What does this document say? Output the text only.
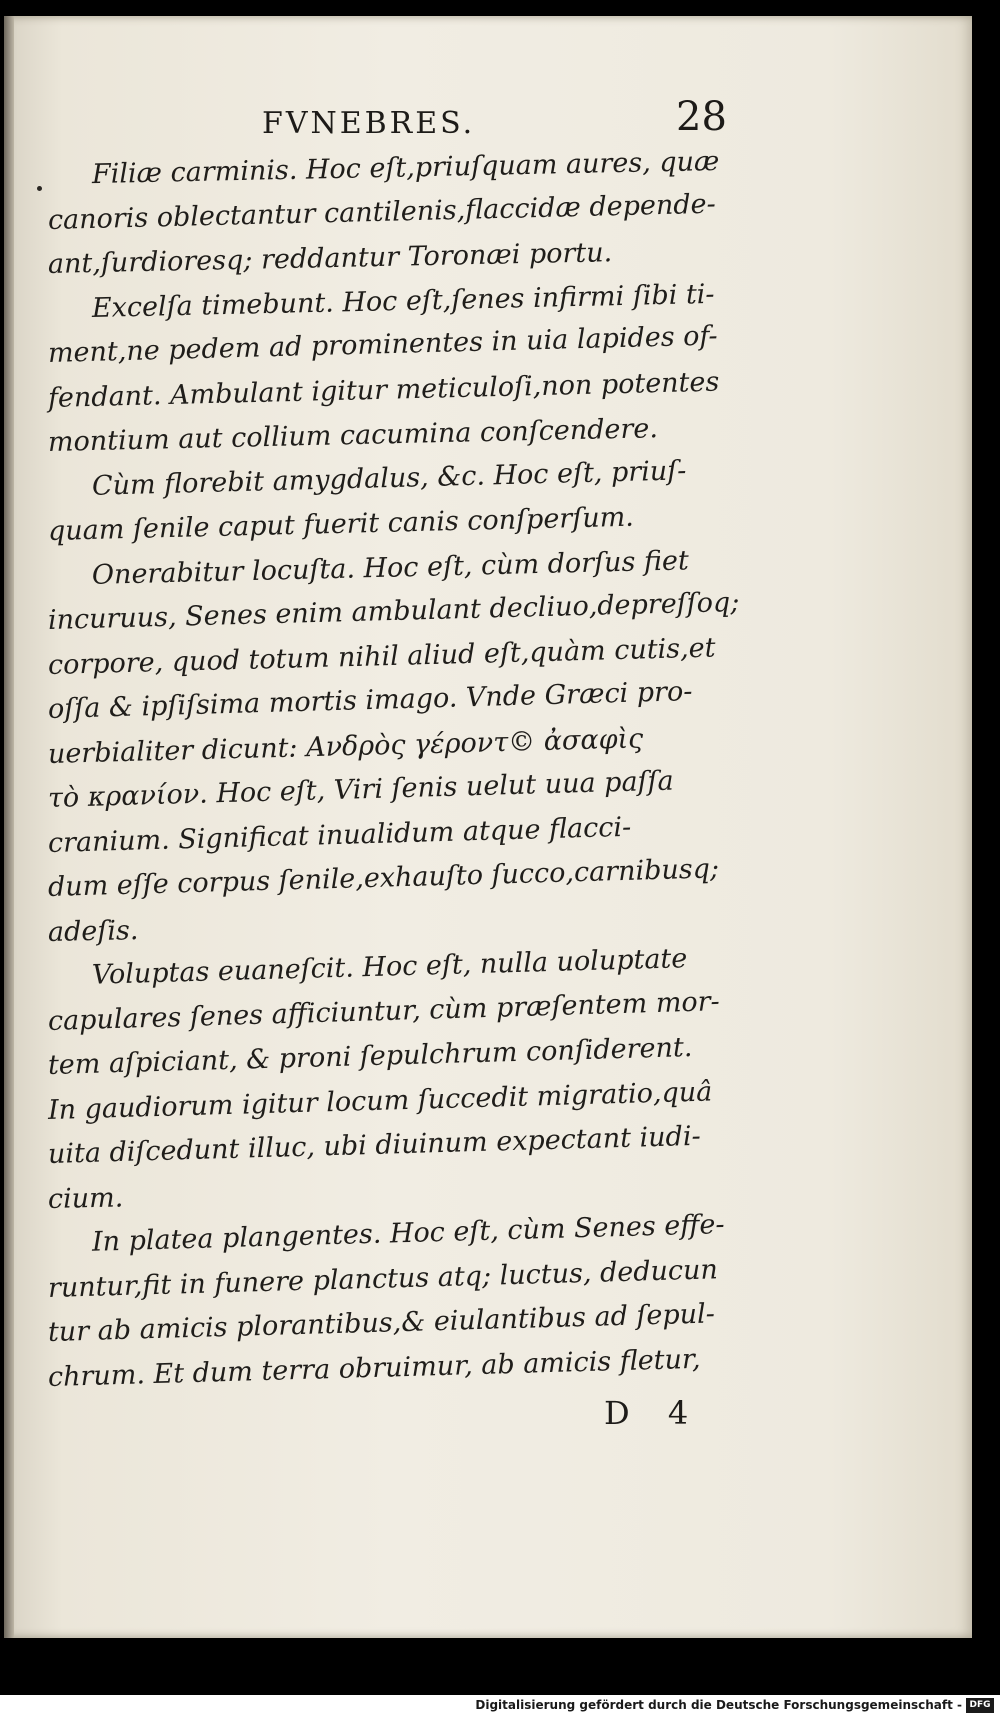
FVNEBRES.	28
Filiæ carminis. Hoc eſt,priuſquam aures, quæ
canoris oblectantur cantilenis,flaccidæ depende-
ant,ſurdioresq; reddantur Toronæi portu.
Excelſa timebunt. Hoc eſt,ſenes infirmi ſibi ti-
ment,ne pedem ad prominentes in uia lapides of-
fendant. Ambulant igitur meticuloſi,non potentes
montium aut collium cacumina conſcendere.
Cùm florebit amygdalus, &c. Hoc eſt, priuſ-
quam ſenile caput fuerit canis conſperſum.
Onerabitur locuſta. Hoc eſt, cùm dorſus fiet
incuruus, Senes enim ambulant decliuo,depreſſoq;
corpore, quod totum nihil aliud eſt,quàm cutis,et
oſſa & ipſiſsima mortis imago. Vnde Græci pro-
uerbialiter dicunt: Ανδρὸς γέροντ© ἀσαφὶς
τὸ κρανίον. Hoc eſt, Viri ſenis uelut uua paſſa
cranium. Significat inualidum atque flacci-
dum eſſe corpus ſenile,exhauſto ſucco,carnibusq;
adeſis.
Voluptas euaneſcit. Hoc eſt, nulla uoluptate
capulares ſenes afficiuntur, cùm præſentem mor-
tem aſpiciant, & proni ſepulchrum conſiderent.
In gaudiorum igitur locum ſuccedit migratio,quâ
uita diſcedunt illuc, ubi diuinum expectant iudi-
cium.
In platea plangentes. Hoc eſt, cùm Senes effe-
runtur,fit in funere planctus atq; luctus, deducun
tur ab amicis plorantibus,& eiulantibus ad ſepul-
chrum. Et dum terra obruimur, ab amicis fletur,
D 4
Digitalisierung gefördert durch die Deutsche Forschungsgemeinschaft - DFG
